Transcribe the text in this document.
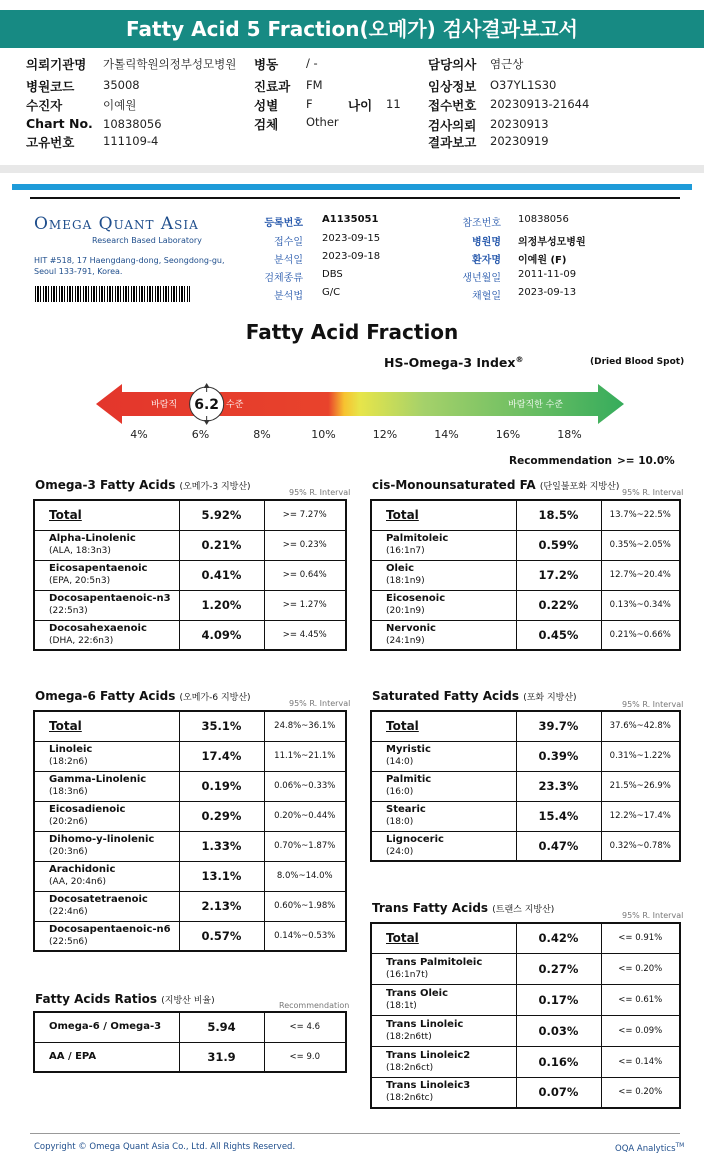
Fatty Acid 5 Fraction(오메가) 검사결과보고서
의뢰기관명 가톨릭학원의정부성모병원 병동 / -	담당의사 염근상
병원코드 35008	진료과 FM	임상정보 O37YL1S30
수진자	이예원	성별 F	나이 11 접수번호 20230913-21644
Chart No. 10838056	검체 Other	검사의뢰 20230913
고유번호 111109-4	결과보고 20230919
Omega Quant Asia
Research Based Laboratory
HIT #518, 17 Haengdang-dong, Seongdong-gu,
Seoul 133-791, Korea.
등록번호 A1135051
접수일 2023-09-15
분석일 2023-09-18
검체종류 DBS
분석법 G/C
참조번호 10838056
병원명 의정부성모병원
환자명 이예원 (F)
생년월일 2011-11-09
채혈일 2023-09-13
Fatty Acid Fraction
HS-Omega-3 Index®	(Dried Blood Spot)
바람직	수준	바람직한 수준
6.2
4%	6%	8%	10%	12%	14%	16%	18%
Recommendation >= 10.0%
Omega-3 Fatty Acids (오메가-3 지방산)
95% R. Interval
cis-Monounsaturated FA (단일불포화 지방산)
95% R. Interval
Omega-6 Fatty Acids (오메가-6 지방산)
95% R. Interval
Saturated Fatty Acids (포화 지방산)
95% R. Interval
Trans Fatty Acids (트랜스 지방산)
95% R. Interval
Fatty Acids Ratios (지방산 비율)	Recommendation
Total	5.92%	>= 7.27%

Alpha-Linolenic
(ALA, 18:3n3)	0.21%	>= 0.23%

Eicosapentaenoic
(EPA, 20:5n3)	0.41%	>= 0.64%

Docosapentaenoic-n3
(22:5n3)	1.20%	>= 1.27%

Docosahexaenoic
(DHA, 22:6n3)	4.09%	>= 4.45%
Total	18.5%	13.7%~22.5%

Palmitoleic
(16:1n7)	0.59%	0.35%~2.05%

Oleic
(18:1n9)	17.2%	12.7%~20.4%

Eicosenoic
(20:1n9)	0.22%	0.13%~0.34%

Nervonic
(24:1n9)	0.45%	0.21%~0.66%
Total	35.1%	24.8%~36.1%

Linoleic
(18:2n6)	17.4%	11.1%~21.1%

Gamma-Linolenic
(18:3n6)	0.19%	0.06%~0.33%

Eicosadienoic
(20:2n6)	0.29%	0.20%~0.44%

Dihomo-y-linolenic
(20:3n6)	1.33%	0.70%~1.87%

Arachidonic
(AA, 20:4n6)	13.1%	8.0%~14.0%

Docosatetraenoic
(22:4n6)	2.13%	0.60%~1.98%

Docosapentaenoic-n6
(22:5n6)	0.57%	0.14%~0.53%
Total	39.7%	37.6%~42.8%

Myristic
(14:0)	0.39%	0.31%~1.22%

Palmitic
(16:0)	23.3%	21.5%~26.9%

Stearic
(18:0)	15.4%	12.2%~17.4%

Lignoceric
(24:0)	0.47%	0.32%~0.78%
Total	0.42%	<= 0.91%

Trans Palmitoleic
(16:1n7t)	0.27%	<= 0.20%

Trans Oleic
(18:1t)	0.17%	<= 0.61%

Trans Linoleic
(18:2n6tt)	0.03%	<= 0.09%

Trans Linoleic2
(18:2n6ct)	0.16%	<= 0.14%

Trans Linoleic3
(18:2n6tc)	0.07%	<= 0.20%
Omega-6 / Omega-3	5.94	<= 4.6

AA / EPA	31.9	<= 9.0
Copyright © Omega Quant Asia Co., Ltd. All Rights Reserved.	OQA Analytics™
